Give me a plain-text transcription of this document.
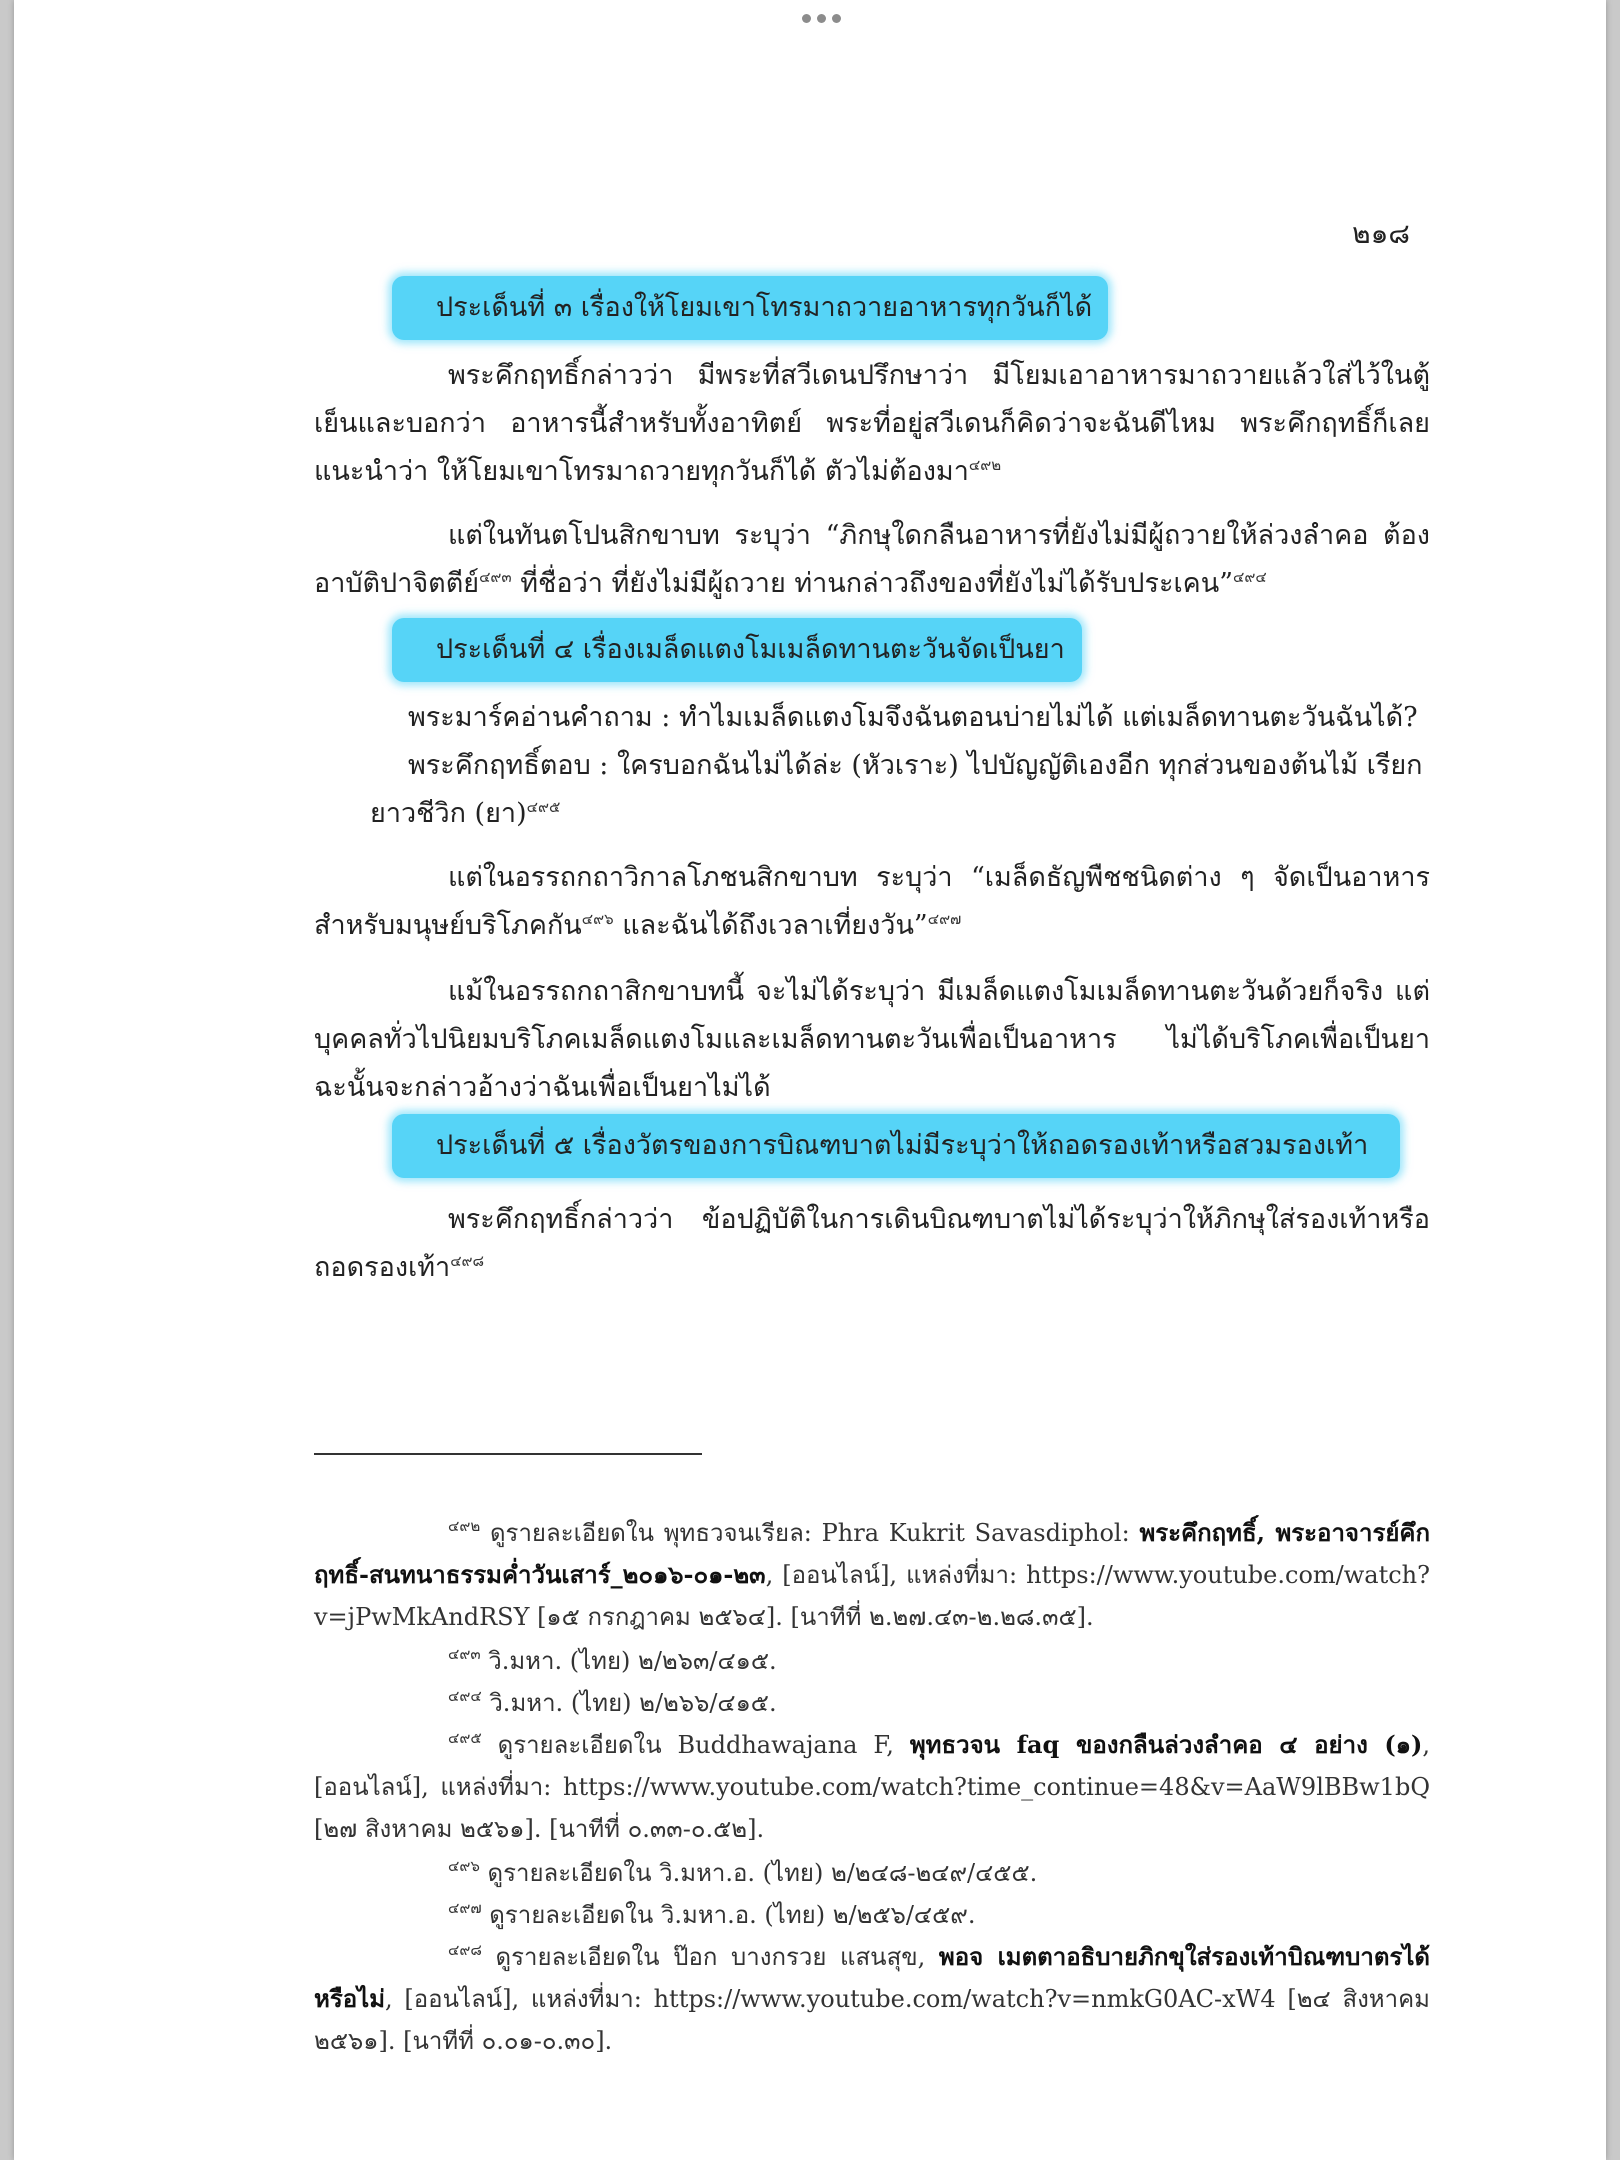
๒๑๘
ประเด็นที่ ๓ เรื่องให้โยมเขาโทรมาถวายอาหารทุกวันก็ได้

พระคึกฤทธิ์กล่าวว่า มีพระที่สวีเดนปรึกษาว่า มีโยมเอาอาหารมาถวายแล้วใส่ไว้ในตู้เย็นและบอกว่า อาหารนี้สำหรับทั้งอาทิตย์ พระที่อยู่สวีเดนก็คิดว่าจะฉันดีไหม พระคึกฤทธิ์ก็เลยแนะนำว่า ให้โยมเขาโทรมาถวายทุกวันก็ได้ ตัวไม่ต้องมา$^{๔๙๒}$

แต่ในทันตโปนสิกขาบท ระบุว่า “ภิกษุใดกลืนอาหารที่ยังไม่มีผู้ถวายให้ล่วงลำคอ ต้องอาบัติปาจิตตีย์$^{๔๙๓}$ ที่ชื่อว่า ที่ยังไม่มีผู้ถวาย ท่านกล่าวถึงของที่ยังไม่ได้รับประเคน”$^{๔๙๔}$

ประเด็นที่ ๔ เรื่องเมล็ดแตงโมเมล็ดทานตะวันจัดเป็นยา

พระมาร์คอ่านคำถาม : ทำไมเมล็ดแตงโมจึงฉันตอนบ่ายไม่ได้ แต่เมล็ดทานตะวันฉันได้?

พระคึกฤทธิ์ตอบ : ใครบอกฉันไม่ได้ล่ะ (หัวเราะ) ไปบัญญัติเองอีก ทุกส่วนของต้นไม้ เรียก

ยาวชีวิก (ยา)$^{๔๙๕}$

แต่ในอรรถกถาวิกาลโภชนสิกขาบท ระบุว่า “เมล็ดธัญพืชชนิดต่าง ๆ จัดเป็นอาหารสำหรับมนุษย์บริโภคกัน$^{๔๙๖}$ และฉันได้ถึงเวลาเที่ยงวัน”$^{๔๙๗}$

แม้ในอรรถกถาสิกขาบทนี้ จะไม่ได้ระบุว่า มีเมล็ดแตงโมเมล็ดทานตะวันด้วยก็จริง แต่บุคคลทั่วไปนิยมบริโภคเมล็ดแตงโมและเมล็ดทานตะวันเพื่อเป็นอาหาร ไม่ได้บริโภคเพื่อเป็นยา ฉะนั้นจะกล่าวอ้างว่าฉันเพื่อเป็นยาไม่ได้

ประเด็นที่ ๕ เรื่องวัตรของการบิณฑบาตไม่มีระบุว่าให้ถอดรองเท้าหรือสวมรองเท้า

พระคึกฤทธิ์กล่าวว่า ข้อปฏิบัติในการเดินบิณฑบาตไม่ได้ระบุว่าให้ภิกษุใส่รองเท้าหรือถอดรองเท้า$^{๔๙๘}$

$^{๔๙๒}$ ดูรายละเอียดใน พุทธวจนเรียล: Phra Kukrit Savasdiphol: พระคึกฤทธิ์, พระอาจารย์คึกฤทธิ์-สนทนาธรรมค่ำวันเสาร์_๒๐๑๖-๐๑-๒๓, [ออนไลน์], แหล่งที่มา: https://www.youtube.com/watch?v=jPwMkAndRSY [๑๕ กรกฎาคม ๒๕๖๔]. [นาทีที่ ๒.๒๗.๔๓-๒.๒๘.๓๕].

$^{๔๙๓}$ วิ.มหา. (ไทย) ๒/๒๖๓/๔๑๕.

$^{๔๙๔}$ วิ.มหา. (ไทย) ๒/๒๖๖/๔๑๕.

$^{๔๙๕}$ ดูรายละเอียดใน Buddhawajana F, พุทธวจน faq ของกลืนล่วงลำคอ ๔ อย่าง (๑), [ออนไลน์], แหล่งที่มา: https://www.youtube.com/watch?time_continue=48&v=AaW9lBBw1bQ [๒๗ สิงหาคม ๒๕๖๑]. [นาทีที่ ๐.๓๓-๐.๕๒].

$^{๔๙๖}$ ดูรายละเอียดใน วิ.มหา.อ. (ไทย) ๒/๒๔๘-๒๔๙/๔๕๕.

$^{๔๙๗}$ ดูรายละเอียดใน วิ.มหา.อ. (ไทย) ๒/๒๕๖/๔๕๙.

$^{๔๙๘}$ ดูรายละเอียดใน ป๊อก บางกรวย แสนสุข, พอจ เมตตาอธิบายภิกขุใส่รองเท้าบิณฑบาตรได้หรือไม่, [ออนไลน์], แหล่งที่มา: https://www.youtube.com/watch?v=nmkG0AC-xW4 [๒๔ สิงหาคม ๒๕๖๑]. [นาทีที่ ๐.๐๑-๐.๓๐].
